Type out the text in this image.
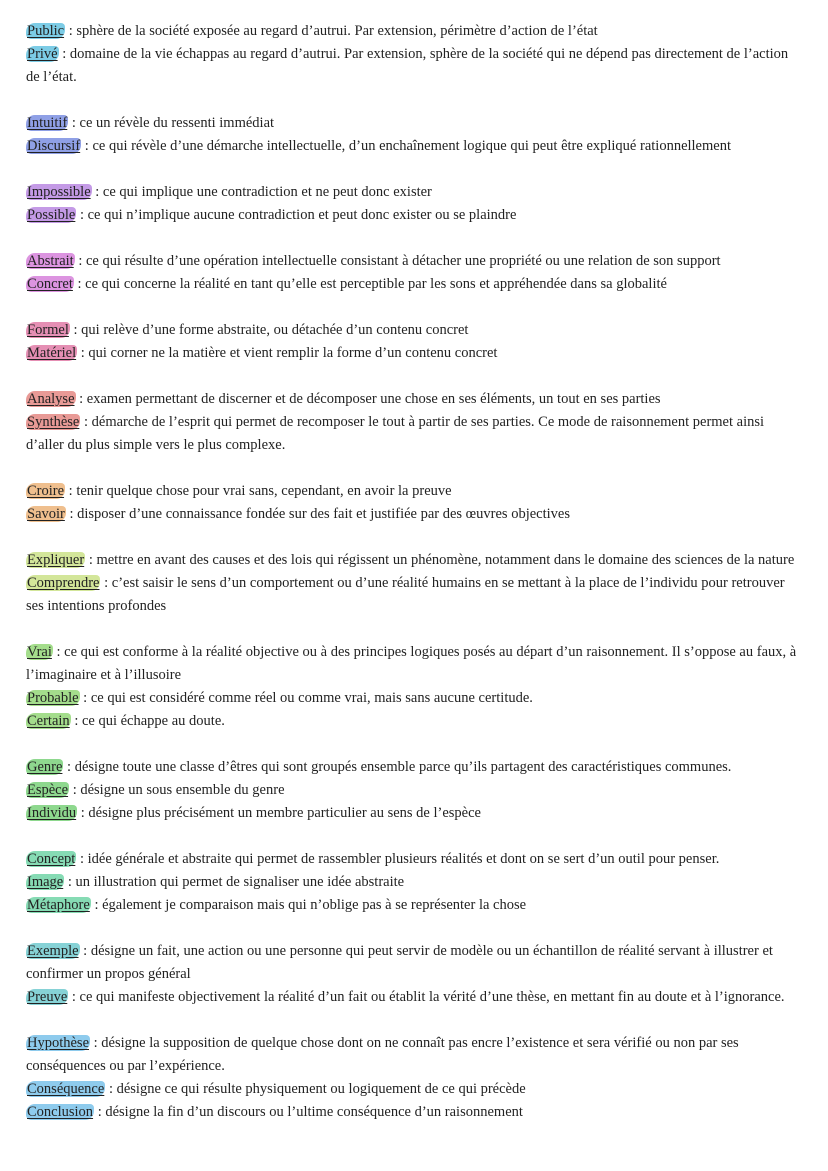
Public : sphère de la société exposée au regard d’autrui. Par extension, périmètre d’action de l’état

Privé : domaine de la vie échappas au regard d’autrui. Par extension, sphère de la société qui ne dépend pas directement de l’action de l’état.

Intuitif : ce un révèle du ressenti immédiat

Discursif : ce qui révèle d’une démarche intellectuelle, d’un enchaînement logique qui peut être expliqué rationnellement

Impossible : ce qui implique une contradiction et ne peut donc exister

Possible : ce qui n’implique aucune contradiction et peut donc exister ou se plaindre

Abstrait : ce qui résulte d’une opération intellectuelle consistant à détacher une propriété ou une relation de son support

Concret : ce qui concerne la réalité en tant qu’elle est perceptible par les sons et appréhendée dans sa globalité

Formel : qui relève d’une forme abstraite, ou détachée d’un contenu concret

Matériel : qui corner ne la matière et vient remplir la forme d’un contenu concret

Analyse : examen permettant de discerner et de décomposer une chose en ses éléments, un tout en ses parties

Synthèse : démarche de l’esprit qui permet de recomposer le tout à partir de ses parties. Ce mode de raisonnement permet ainsi d’aller du plus simple vers le plus complexe.

Croire : tenir quelque chose pour vrai sans, cependant, en avoir la preuve

Savoir : disposer d’une connaissance fondée sur des fait et justifiée par des œuvres objectives

Expliquer : mettre en avant des causes et des lois qui régissent un phénomène, notamment dans le domaine des sciences de la nature

Comprendre : c’est saisir le sens d’un comportement ou d’une réalité humains en se mettant à la place de l’individu pour retrouver ses intentions profondes

Vrai : ce qui est conforme à la réalité objective ou à des principes logiques posés au départ d’un raisonnement. Il s’oppose au faux, à l’imaginaire et à l’illusoire

Probable : ce qui est considéré comme réel ou comme vrai, mais sans aucune certitude.

Certain : ce qui échappe au doute.

Genre : désigne toute une classe d’êtres qui sont groupés ensemble parce qu’ils partagent des caractéristiques communes.

Espèce : désigne un sous ensemble du genre

Individu : désigne plus précisément un membre particulier au sens de l’espèce

Concept : idée générale et abstraite qui permet de rassembler plusieurs réalités et dont on se sert d’un outil pour penser.

Image : un illustration qui permet de signaliser une idée abstraite

Métaphore : également je comparaison mais qui n’oblige pas à se représenter la chose

Exemple : désigne un fait, une action ou une personne qui peut servir de modèle ou un échantillon de réalité servant à illustrer et confirmer un propos général

Preuve : ce qui manifeste objectivement la réalité d’un fait ou établit la vérité d’une thèse, en mettant fin au doute et à l’ignorance.

Hypothèse : désigne la supposition de quelque chose dont on ne connaît pas encre l’existence et sera vérifié ou non par ses conséquences ou par l’expérience.

Conséquence : désigne ce qui résulte physiquement ou logiquement de ce qui précède

Conclusion : désigne la fin d’un discours ou l’ultime conséquence d’un raisonnement
